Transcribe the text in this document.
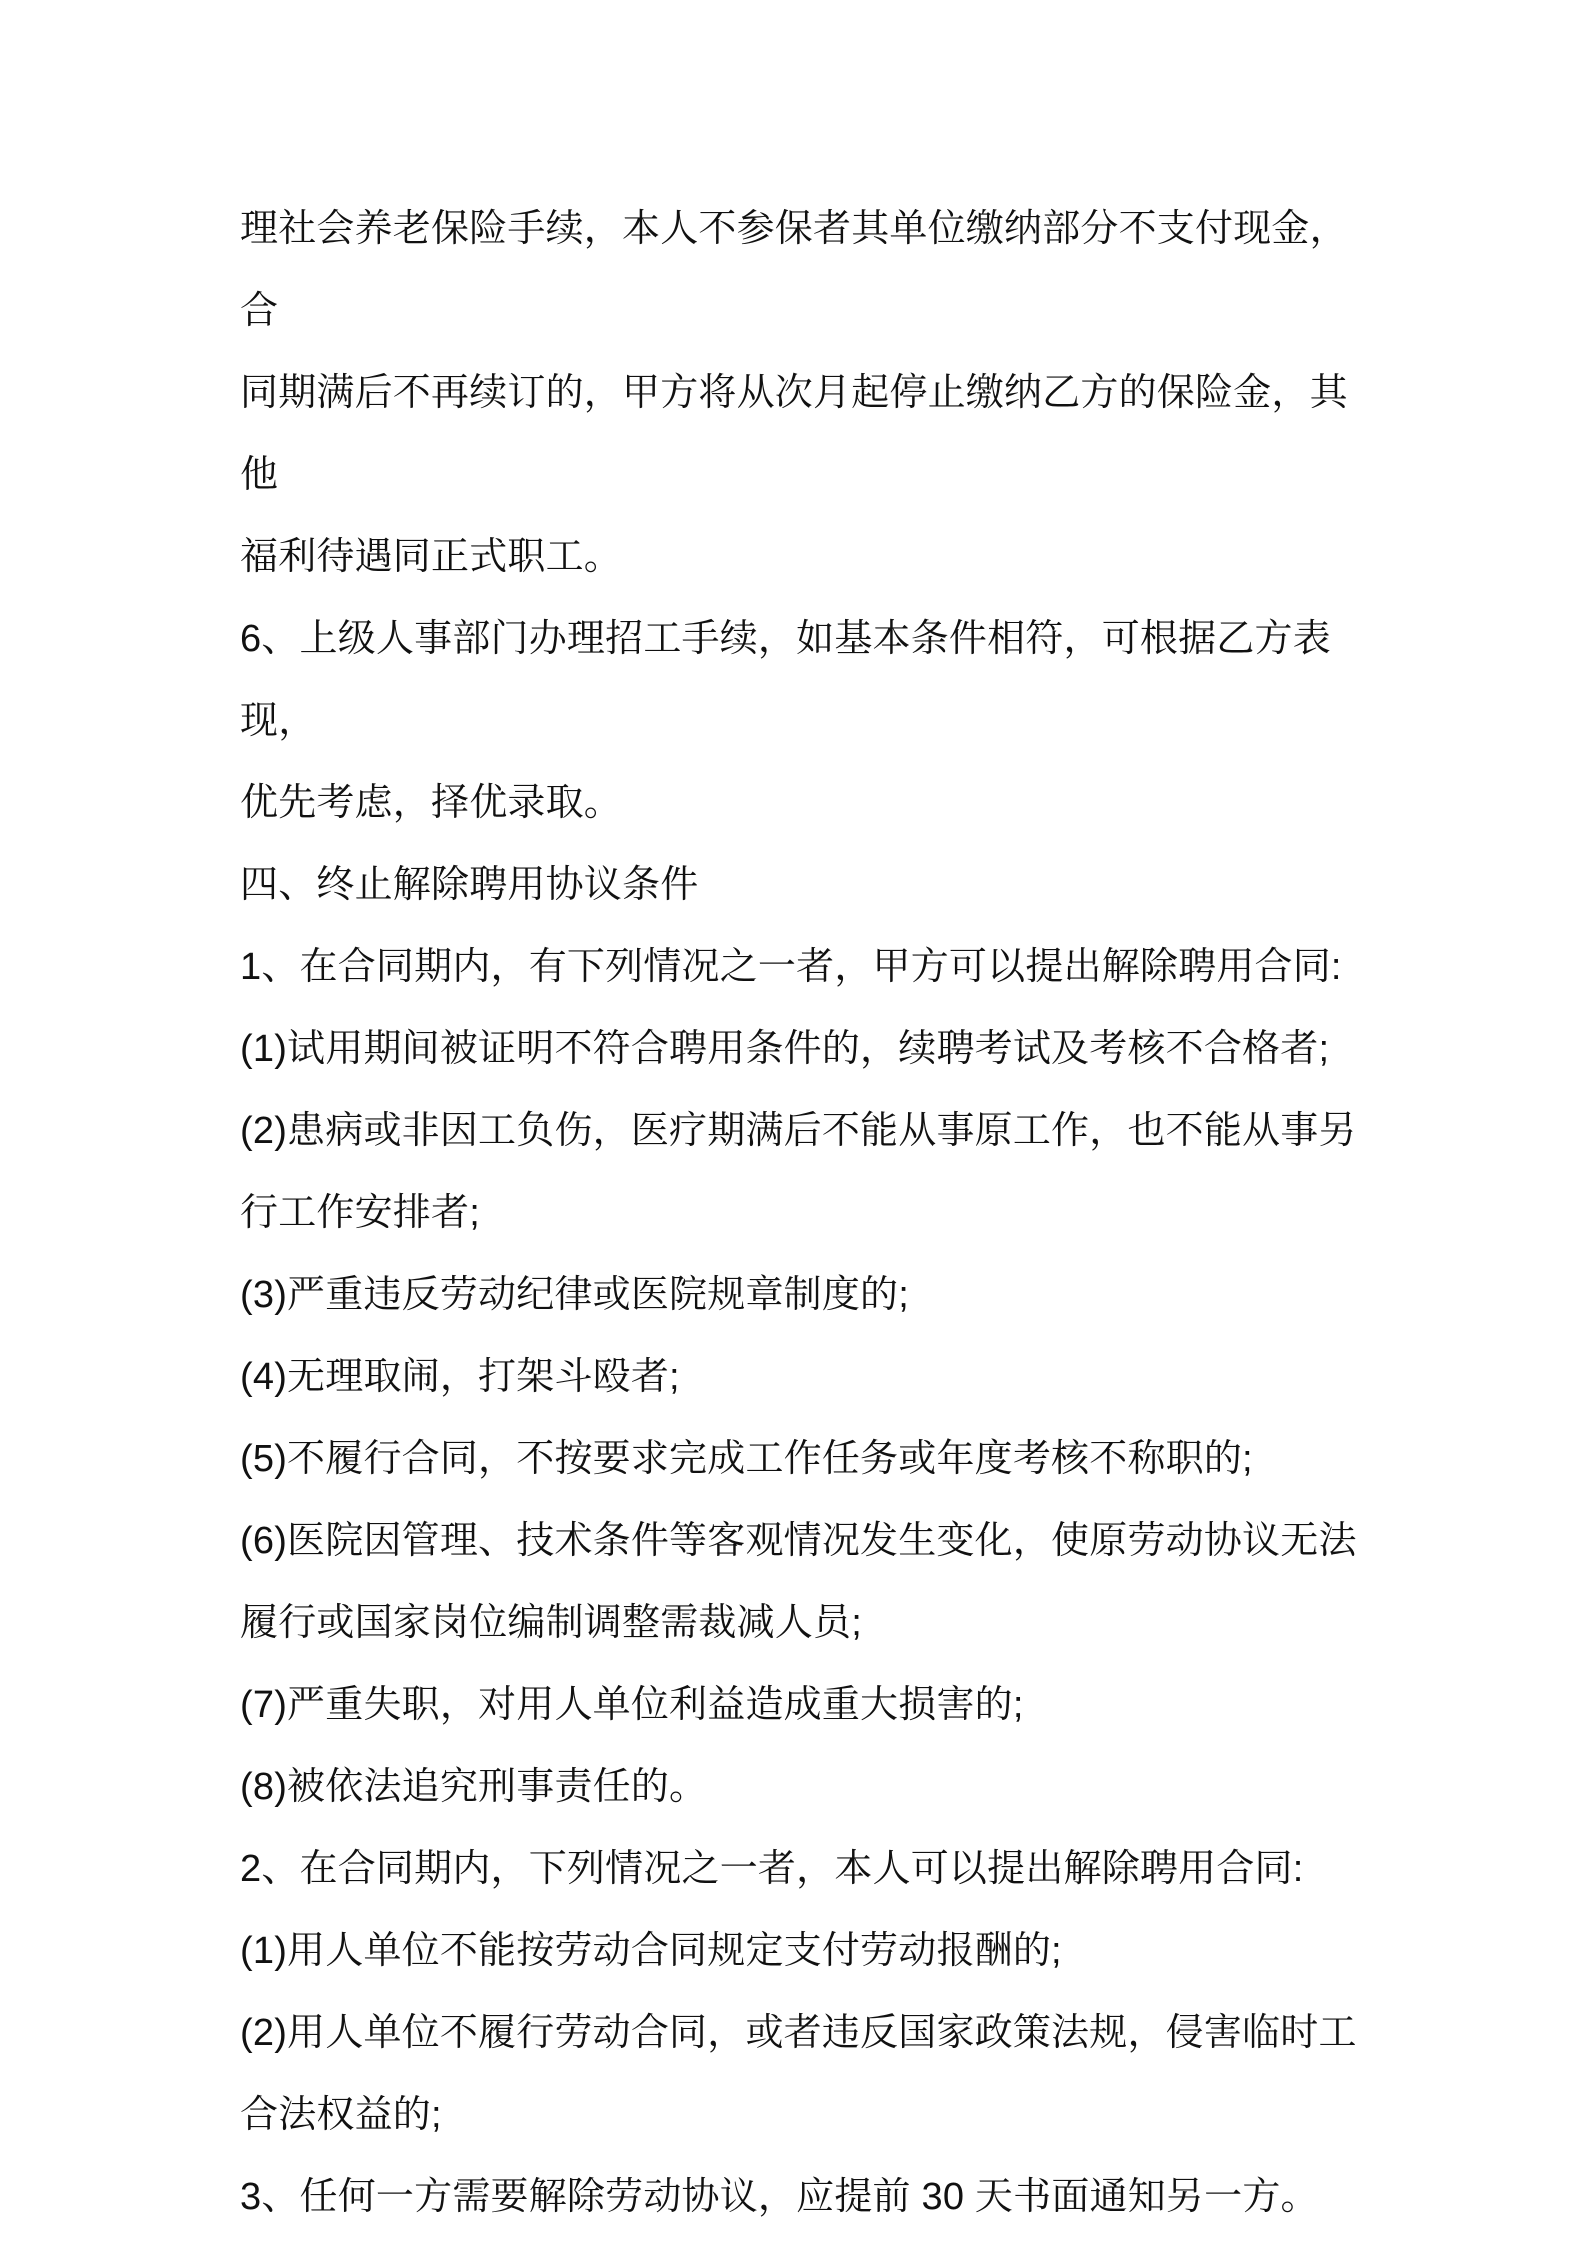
理社会养老保险手续，本人不参保者其单位缴纳部分不支付现金，合
同期满后不再续订的，甲方将从次月起停止缴纳乙方的保险金，其他
福利待遇同正式职工。

6、上级人事部门办理招工手续，如基本条件相符，可根据乙方表现，
优先考虑，择优录取。

四、终止解除聘用协议条件

1、在合同期内，有下列情况之一者，甲方可以提出解除聘用合同:

(1)试用期间被证明不符合聘用条件的，续聘考试及考核不合格者;

(2)患病或非因工负伤，医疗期满后不能从事原工作，也不能从事另
行工作安排者;

(3)严重违反劳动纪律或医院规章制度的;

(4)无理取闹，打架斗殴者;

(5)不履行合同，不按要求完成工作任务或年度考核不称职的;

(6)医院因管理、技术条件等客观情况发生变化，使原劳动协议无法
履行或国家岗位编制调整需裁减人员;

(7)严重失职，对用人单位利益造成重大损害的;

(8)被依法追究刑事责任的。

2、在合同期内，下列情况之一者，本人可以提出解除聘用合同:

(1)用人单位不能按劳动合同规定支付劳动报酬的;

(2)用人单位不履行劳动合同，或者违反国家政策法规，侵害临时工
合法权益的;

3、任何一方需要解除劳动协议，应提前 30 天书面通知另一方。
